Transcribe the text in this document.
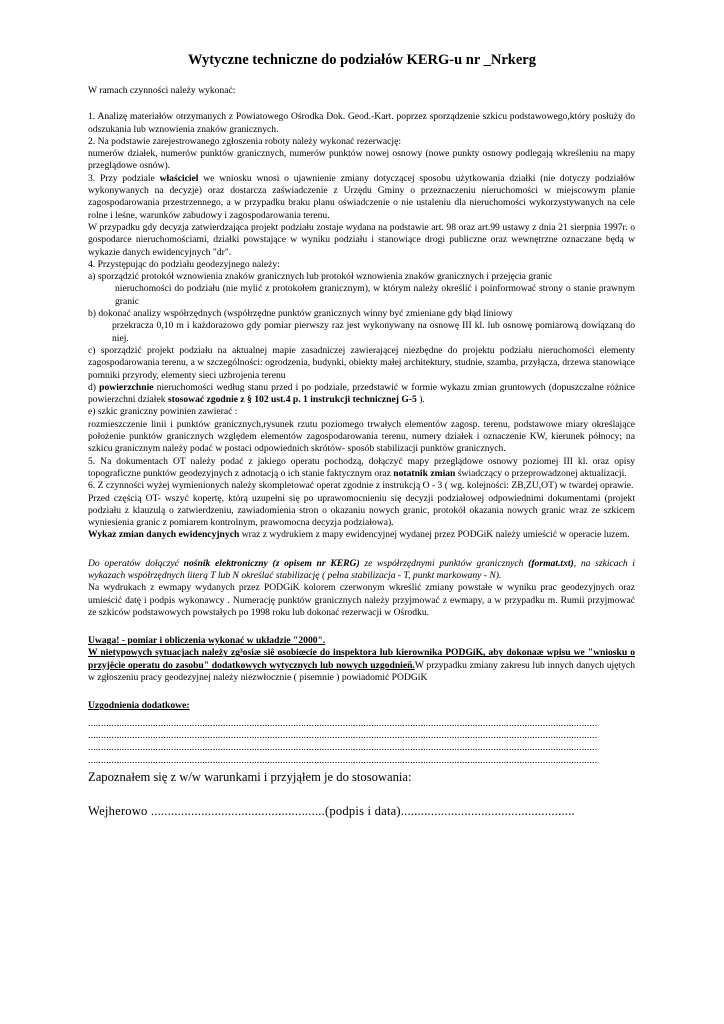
Wytyczne techniczne do podziałów KERG-u nr _Nrkerg

W ramach czynności należy wykonać:

1. Analizę materiałów otrzymanych z Powiatowego Ośrodka Dok. Geod.-Kart. poprzez sporządzenie szkicu podstawowego,który posłuży do odszukania lub wznowienia znaków granicznych.

2. Na podstawie zarejestrowanego zgłoszenia roboty należy wykonać rezerwację:

numerów działek, numerów punktów granicznych, numerów punktów nowej osnowy (nowe punkty osnowy podlegają wkreśleniu na mapy przeglądowe osnów).

3. Przy podziale właściciel we wniosku wnosi o ujawnienie zmiany dotyczącej sposobu użytkowania działki (nie dotyczy podziałów wykonywanych na decyzje) oraz dostarcza zaświadczenie z Urzędu Gminy o przeznaczeniu nieruchomości w miejscowym planie zagospodarowania przestrzennego, a w przypadku braku planu oświadczenie o nie ustaleniu dla nieruchomości wykorzystywanych na cele rolne i leśne, warunków zabudowy i zagospodarowania terenu.

W przypadku gdy decyzja zatwierdzająca projekt podziału zostaje wydana na podstawie art. 98 oraz art.99 ustawy z dnia 21 sierpnia 1997r. o gospodarce nieruchomościami, działki powstające w wyniku podziału i stanowiące drogi publiczne oraz wewnętrzne oznaczane będą w wykazie danych ewidencyjnych "dr".

4. Przystępując do podziału geodezyjnego należy:

a) sporządzić protokół wznowienia znaków granicznych lub protokół wznowienia znaków granicznych i przejęcia granic

nieruchomości do podziału (nie mylić z protokołem granicznym), w którym należy określić i poinformować strony o stanie prawnym granic

b) dokonać analizy współrzędnych (współrzędne punktów granicznych winny być zmieniane gdy błąd liniowy

przekracza 0,10 m i każdorazowo gdy pomiar pierwszy raz jest wykonywany na osnowę III kl. lub osnowę pomiarową dowiązaną do niej.

c) sporządzić projekt podziału na aktualnej mapie zasadniczej zawierającej niezbędne do projektu podziału nieruchomości elementy zagospodarowania terenu, a w szczególności: ogrodzenia, budynki, obiekty małej architektury, studnie, szamba, przyłącza, drzewa stanowiące pomniki przyrody, elementy sieci uzbrojenia terenu

d) powierzchnie nieruchomości według stanu przed i po podziale, przedstawić w formie wykazu zmian gruntowych (dopuszczalne różnice powierzchni działek stosować zgodnie z § 102 ust.4 p. 1 instrukcji technicznej G-5 ).

e) szkic graniczny powinien zawierać :

rozmieszczenie linii i punktów granicznych,rysunek rzutu poziomego trwałych elementów zagosp. terenu, podstawowe miary określające położenie punktów granicznych względem elementów zagospodarowania terenu, numery działek i oznaczenie KW, kierunek północy; na szkicu granicznym należy podać w postaci odpowiednich skrótów- sposób stabilizacji punktów granicznych.

5. Na dokumentach OT należy podać z jakiego operatu pochodzą, dołączyć mapy przeglądowe osnowy poziomej III kl. oraz opisy topograficzne punktów geodezyjnych z adnotacją o ich stanie faktycznym oraz notatnik zmian świadczący o przeprowadzonej aktualizacji.

6. Z czynności wyżej wymienionych należy skompletować operat zgodnie z instrukcją O - 3 ( wg. kolejności: ZB,ZU,OT) w twardej oprawie.

Przed częścią OT- wszyć kopertę, którą uzupełni się po uprawomocnieniu się decyzji podziałowej odpowiednimi dokumentami (projekt podziału z klauzulą o zatwierdzeniu, zawiadomienia stron o okazaniu nowych granic, protokół okazania nowych granic wraz ze szkicem wyniesienia granic z pomiarem kontrolnym, prawomocna decyzja podziałowa).

Wykaz zmian danych ewidencyjnych wraz z wydrukiem z mapy ewidencyjnej wydanej przez PODGiK należy umieścić w operacie luzem.

Do operatów dołączyć nośnik elektroniczny (z opisem nr KERG) ze współrzędnymi punktów granicznych (format.txt), na szkicach i wykazach współrzędnych literą T lub N określać stabilizację ( pełna stabilizacja - T, punkt markowany - N).

Na wydrukach z ewmapy wydanych przez PODGiK kolorem czerwonym wkreślić zmiany powstałe w wyniku prac geodezyjnych oraz umieścić datę i podpis wykonawcy . Numerację punktów granicznych należy przyjmować z ewmapy, a w przypadku m. Rumii przyjmować ze szkiców podstawowych powstałych po 1998 roku lub dokonać rezerwacji w Ośrodku.

Uwaga! - pomiar i obliczenia wykonać w układzie "2000".

W nietypowych sytuacjach należy zg³osiæ siê osobiœcie do inspektora lub kierownika PODGiK, aby dokonaæ wpisu we "wniosku o przyjêcie operatu do zasobu" dodatkowych wytycznych lub nowych uzgodnieñ.W przypadku zmiany zakresu lub innych danych ujętych w zgłoszeniu pracy geodezyjnej należy niezwłocznie ( pisemnie ) powiadomić PODGiK

Uzgodnienia dodatkowe:

....................................................................................................................................................................................................

....................................................................................................................................................................................................

....................................................................................................................................................................................................

....................................................................................................................................................................................................

Zapoznałem się z w/w warunkami i przyjąłem je do stosowania:

Wejherowo ....................................................(podpis i data)....................................................
